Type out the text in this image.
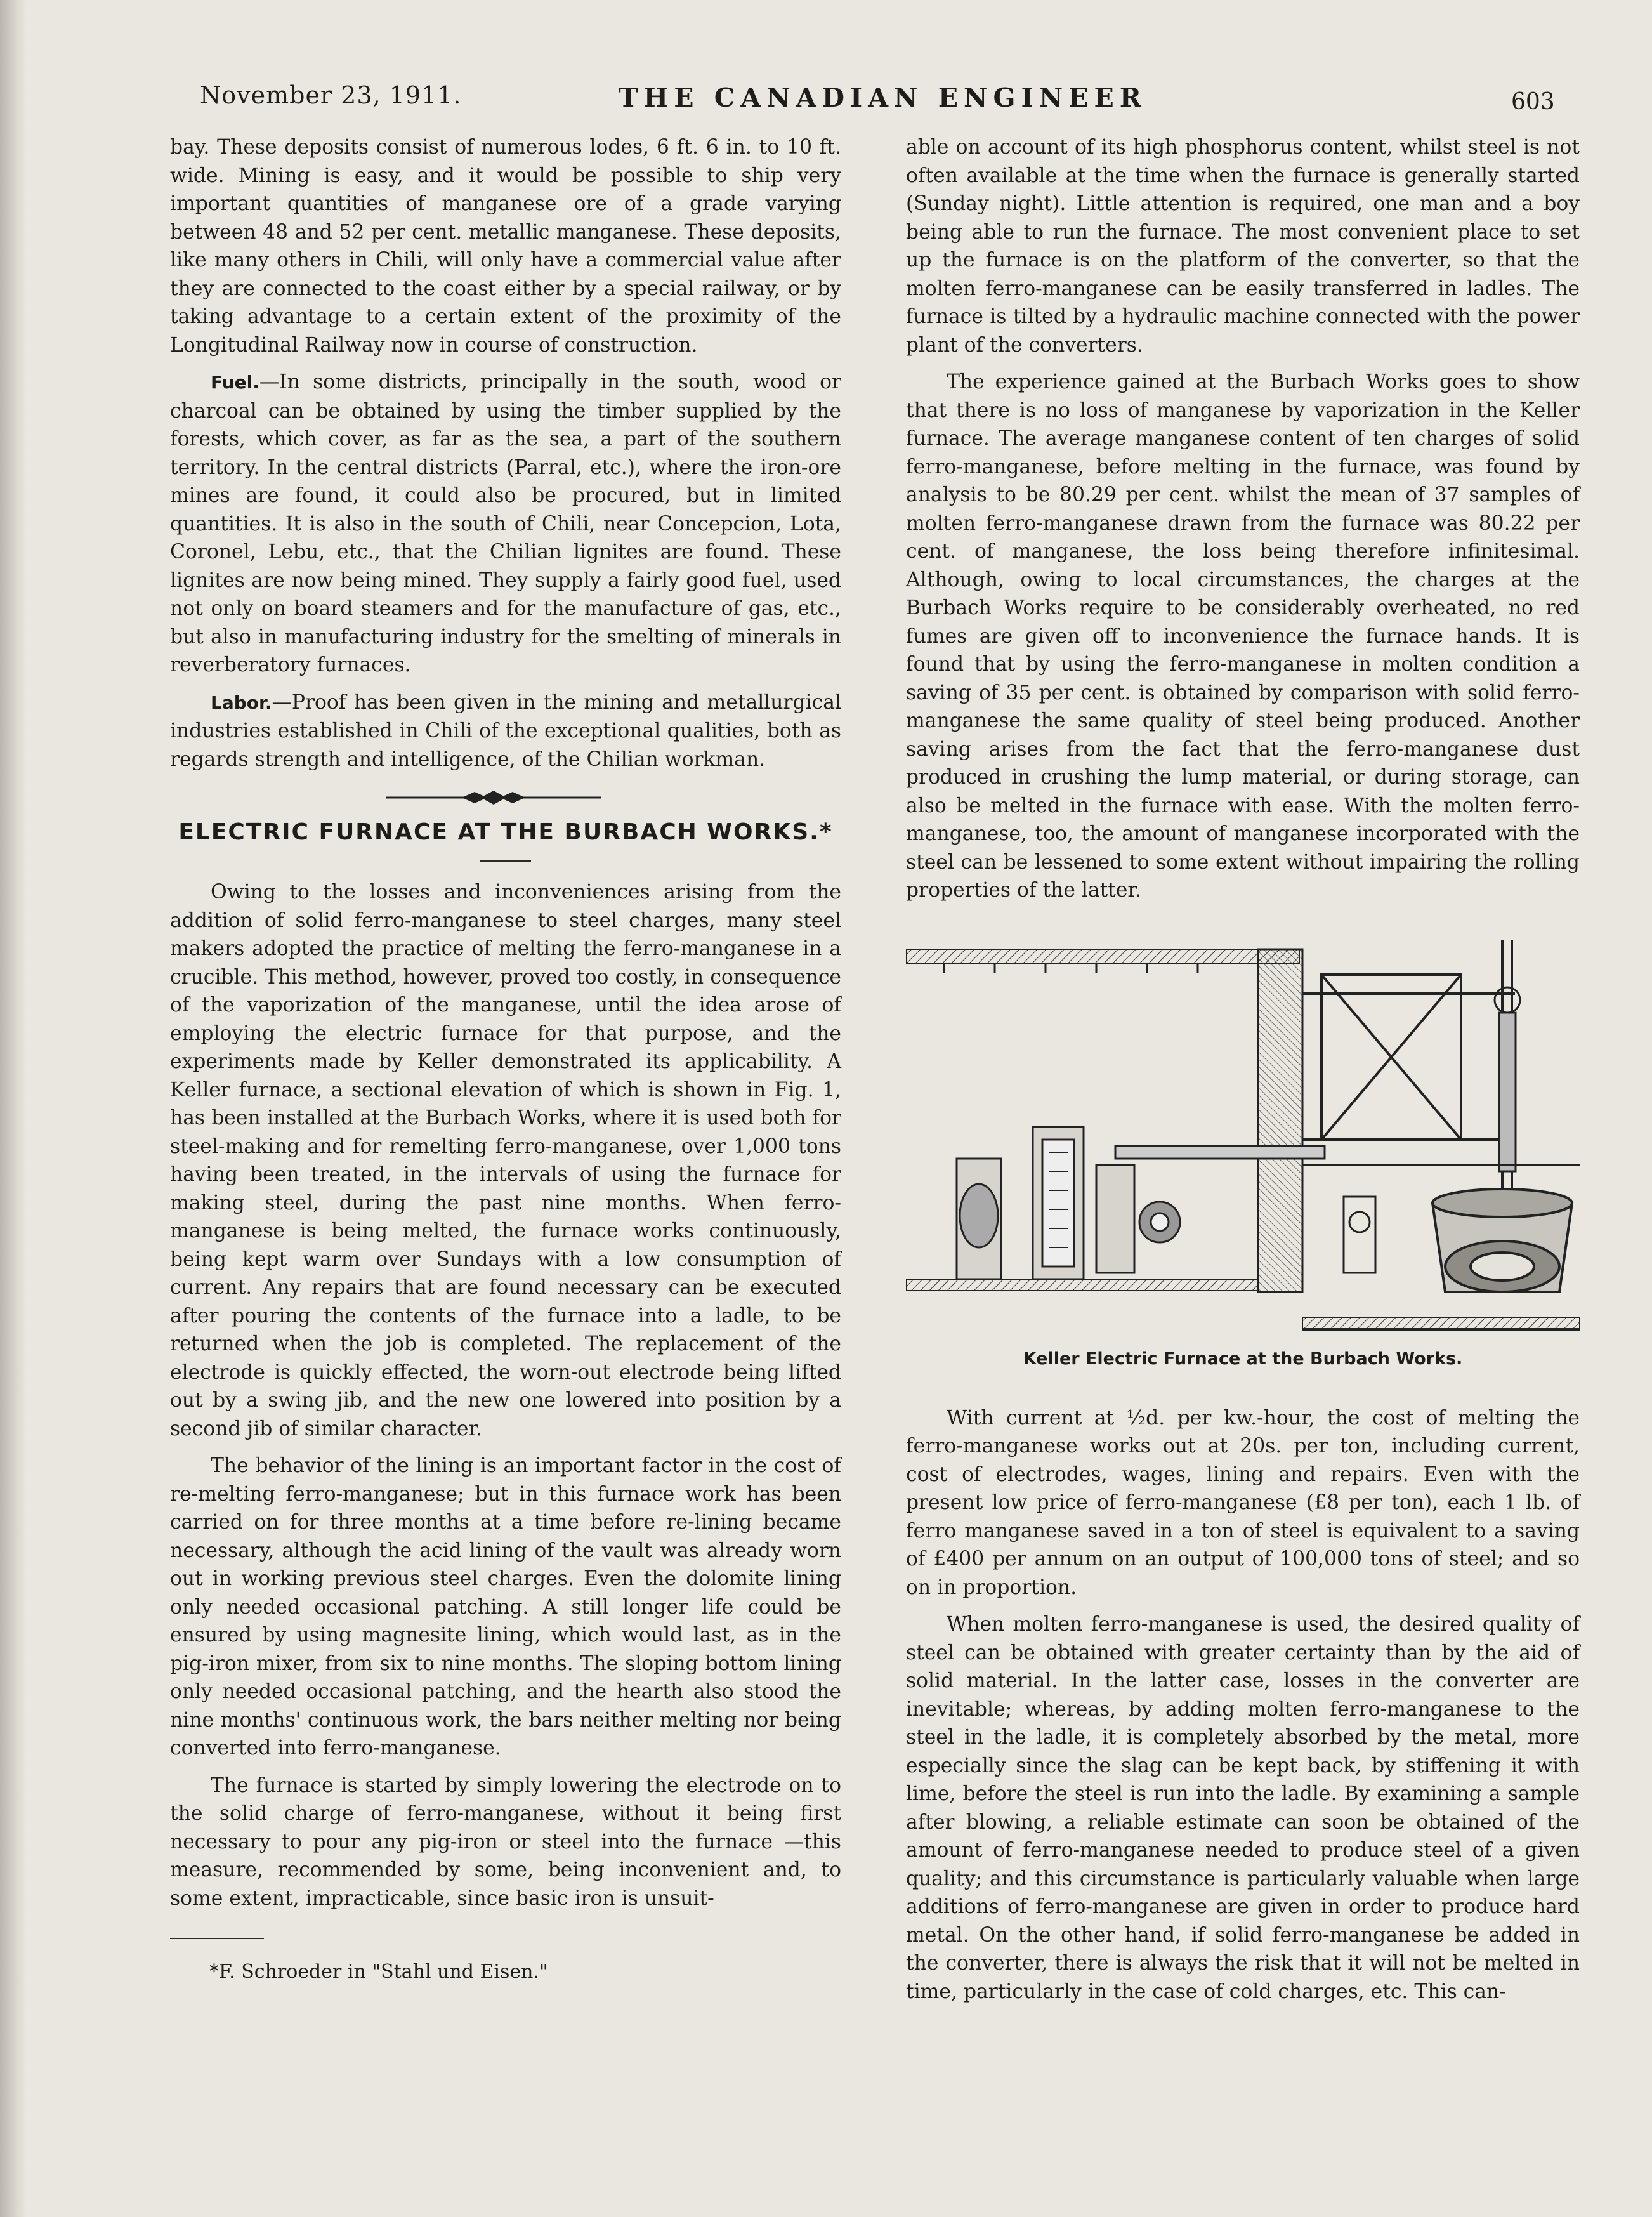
November 23, 1911.	THE CANADIAN ENGINEER	603

bay. These deposits consist of numerous lodes, 6 ft. 6 in. to 10 ft. wide. Mining is easy, and it would be possible to ship very important quantities of manganese ore of a grade varying between 48 and 52 per cent. metallic manganese. These deposits, like many others in Chili, will only have a commercial value after they are connected to the coast either by a special railway, or by taking advantage to a certain extent of the proximity of the Longitudinal Railway now in course of construction.

Fuel.—In some districts, principally in the south, wood or charcoal can be obtained by using the timber supplied by the forests, which cover, as far as the sea, a part of the southern territory. In the central districts (Parral, etc.), where the iron-ore mines are found, it could also be procured, but in limited quantities. It is also in the south of Chili, near Concepcion, Lota, Coronel, Lebu, etc., that the Chilian lignites are found. These lignites are now being mined. They supply a fairly good fuel, used not only on board steamers and for the manufacture of gas, etc., but also in manufacturing industry for the smelting of minerals in reverberatory furnaces.

Labor.—Proof has been given in the mining and metallurgical industries established in Chili of the exceptional qualities, both as regards strength and intelligence, of the Chilian workman.

ELECTRIC FURNACE AT THE BURBACH WORKS.*

Owing to the losses and inconveniences arising from the addition of solid ferro-manganese to steel charges, many steel makers adopted the practice of melting the ferro-manganese in a crucible. This method, however, proved too costly, in consequence of the vaporization of the manganese, until the idea arose of employing the electric furnace for that purpose, and the experiments made by Keller demonstrated its applicability. A Keller furnace, a sectional elevation of which is shown in Fig. 1, has been installed at the Burbach Works, where it is used both for steel-making and for remelting ferro-manganese, over 1,000 tons having been treated, in the intervals of using the furnace for making steel, during the past nine months. When ferro-manganese is being melted, the furnace works continuously, being kept warm over Sundays with a low consumption of current. Any repairs that are found necessary can be executed after pouring the contents of the furnace into a ladle, to be returned when the job is completed. The replacement of the electrode is quickly effected, the worn-out electrode being lifted out by a swing jib, and the new one lowered into position by a second jib of similar character.

The behavior of the lining is an important factor in the cost of re-melting ferro-manganese; but in this furnace work has been carried on for three months at a time before re-lining became necessary, although the acid lining of the vault was already worn out in working previous steel charges. Even the dolomite lining only needed occasional patching. A still longer life could be ensured by using magnesite lining, which would last, as in the pig-iron mixer, from six to nine months. The sloping bottom lining only needed occasional patching, and the hearth also stood the nine months' continuous work, the bars neither melting nor being converted into ferro-manganese.

The furnace is started by simply lowering the electrode on to the solid charge of ferro-manganese, without it being first necessary to pour any pig-iron or steel into the furnace —this measure, recommended by some, being inconvenient and, to some extent, impracticable, since basic iron is unsuit-

*F. Schroeder in "Stahl und Eisen."

able on account of its high phosphorus content, whilst steel is not often available at the time when the furnace is generally started (Sunday night). Little attention is required, one man and a boy being able to run the furnace. The most convenient place to set up the furnace is on the platform of the converter, so that the molten ferro-manganese can be easily transferred in ladles. The furnace is tilted by a hydraulic machine connected with the power plant of the converters.

The experience gained at the Burbach Works goes to show that there is no loss of manganese by vaporization in the Keller furnace. The average manganese content of ten charges of solid ferro-manganese, before melting in the furnace, was found by analysis to be 80.29 per cent. whilst the mean of 37 samples of molten ferro-manganese drawn from the furnace was 80.22 per cent. of manganese, the loss being therefore infinitesimal. Although, owing to local circumstances, the charges at the Burbach Works require to be considerably overheated, no red fumes are given off to inconvenience the furnace hands. It is found that by using the ferro-manganese in molten condition a saving of 35 per cent. is obtained by comparison with solid ferro-manganese the same quality of steel being produced. Another saving arises from the fact that the ferro-manganese dust produced in crushing the lump material, or during storage, can also be melted in the furnace with ease. With the molten ferro-manganese, too, the amount of manganese incorporated with the steel can be lessened to some extent without impairing the rolling properties of the latter.

Keller Electric Furnace at the Burbach Works.

With current at ½d. per kw.-hour, the cost of melting the ferro-manganese works out at 20s. per ton, including current, cost of electrodes, wages, lining and repairs. Even with the present low price of ferro-manganese (£8 per ton), each 1 lb. of ferro manganese saved in a ton of steel is equivalent to a saving of £400 per annum on an output of 100,000 tons of steel; and so on in proportion.

When molten ferro-manganese is used, the desired quality of steel can be obtained with greater certainty than by the aid of solid material. In the latter case, losses in the converter are inevitable; whereas, by adding molten ferro-manganese to the steel in the ladle, it is completely absorbed by the metal, more especially since the slag can be kept back, by stiffening it with lime, before the steel is run into the ladle. By examining a sample after blowing, a reliable estimate can soon be obtained of the amount of ferro-manganese needed to produce steel of a given quality; and this circumstance is particularly valuable when large additions of ferro-manganese are given in order to produce hard metal. On the other hand, if solid ferro-manganese be added in the converter, there is always the risk that it will not be melted in time, particularly in the case of cold charges, etc. This can-
